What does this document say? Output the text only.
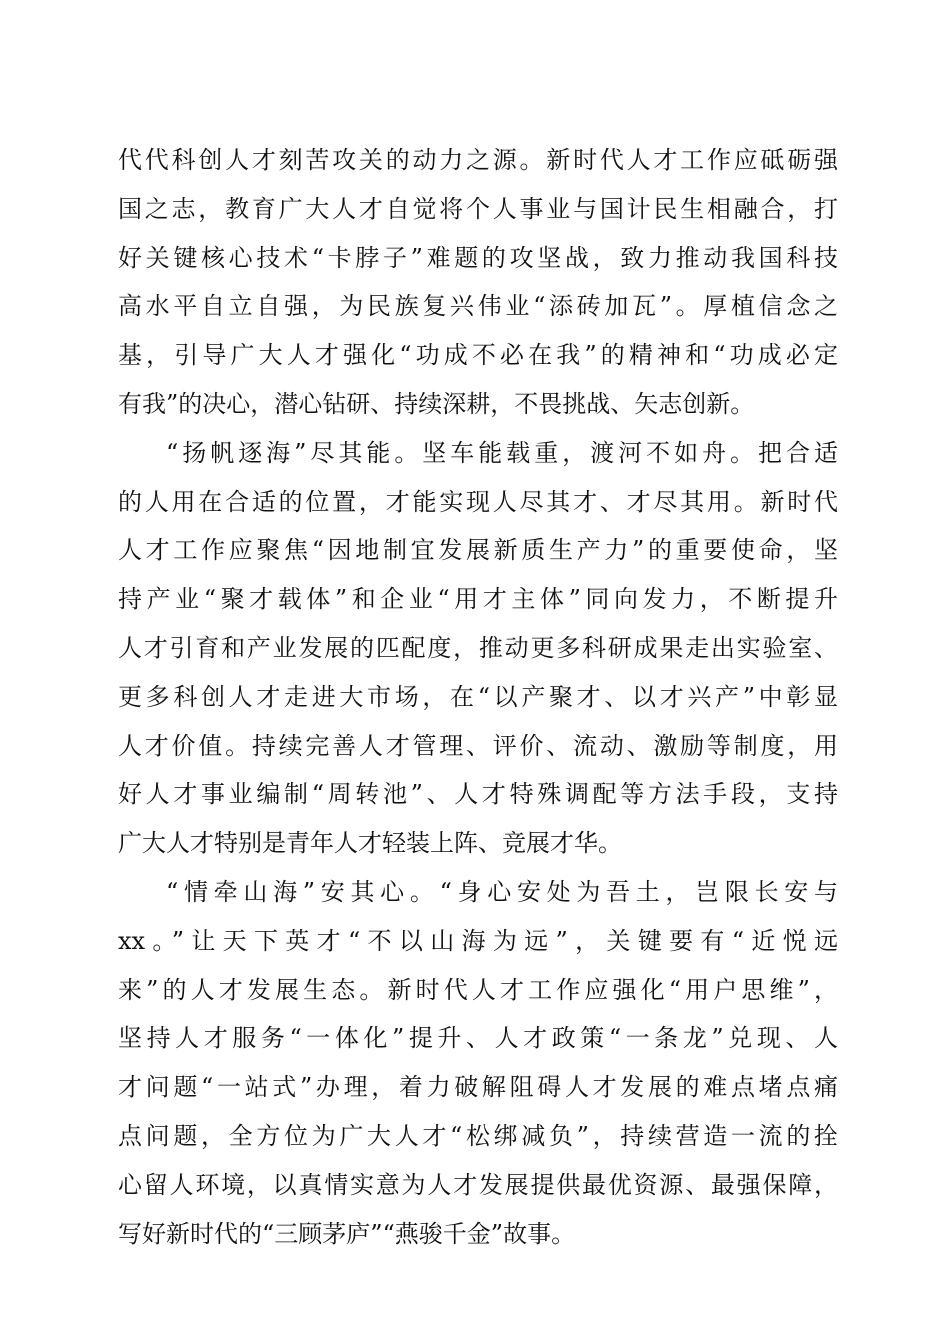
代代科创人才刻苦攻关的动力之源。新时代人才工作应砥砺强
国之志，教育广大人才自觉将个人事业与国计民生相融合，打
好关键核心技术“卡脖子”难题的攻坚战，致力推动我国科技
高水平自立自强，为民族复兴伟业“添砖加瓦”。厚植信念之
基，引导广大人才强化“功成不必在我”的精神和“功成必定
有我”的决心，潜心钻研、持续深耕，不畏挑战、矢志创新。
“扬帆逐海”尽其能。坚车能载重，渡河不如舟。把合适
的人用在合适的位置，才能实现人尽其才、才尽其用。新时代
人才工作应聚焦“因地制宜发展新质生产力”的重要使命，坚
持产业“聚才载体”和企业“用才主体”同向发力，不断提升
人才引育和产业发展的匹配度，推动更多科研成果走出实验室、
更多科创人才走进大市场，在“以产聚才、以才兴产”中彰显
人才价值。持续完善人才管理、评价、流动、激励等制度，用
好人才事业编制“周转池”、人才特殊调配等方法手段，支持
广大人才特别是青年人才轻装上阵、竞展才华。
“情牵山海”安其心。“身心安处为吾土，岂限长安与
xx。”让天下英才“不以山海为远”，关键要有“近悦远
来”的人才发展生态。新时代人才工作应强化“用户思维”，
坚持人才服务“一体化”提升、人才政策“一条龙”兑现、人
才问题“一站式”办理，着力破解阻碍人才发展的难点堵点痛
点问题，全方位为广大人才“松绑减负”，持续营造一流的拴
心留人环境，以真情实意为人才发展提供最优资源、最强保障，
写好新时代的“三顾茅庐”“燕骏千金”故事。
